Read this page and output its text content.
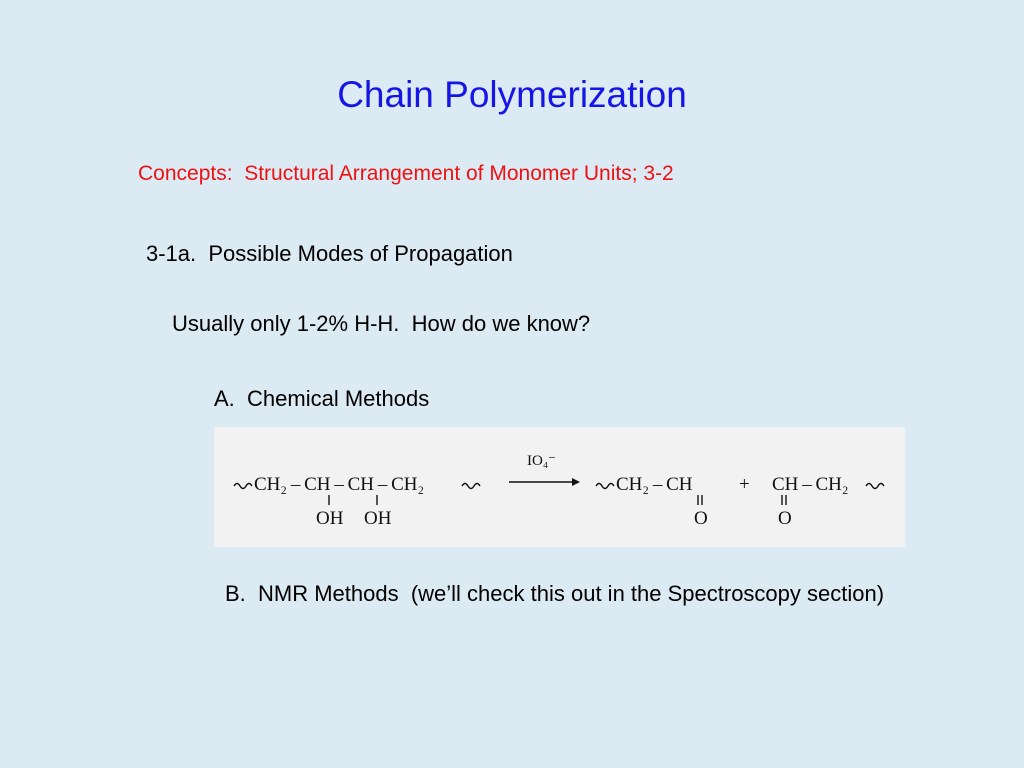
Chain Polymerization
Concepts:  Structural Arrangement of Monomer Units; 3-2
3-1a.  Possible Modes of Propagation
Usually only 1-2% H-H.  How do we know?
A.  Chemical Methods
CH₂ – CH – CH – CH₂
OH OH
IO₄⁻
CH₂ – CH
O
+ CH – CH₂
O
B.  NMR Methods  (we’ll check this out in the Spectroscopy section)
